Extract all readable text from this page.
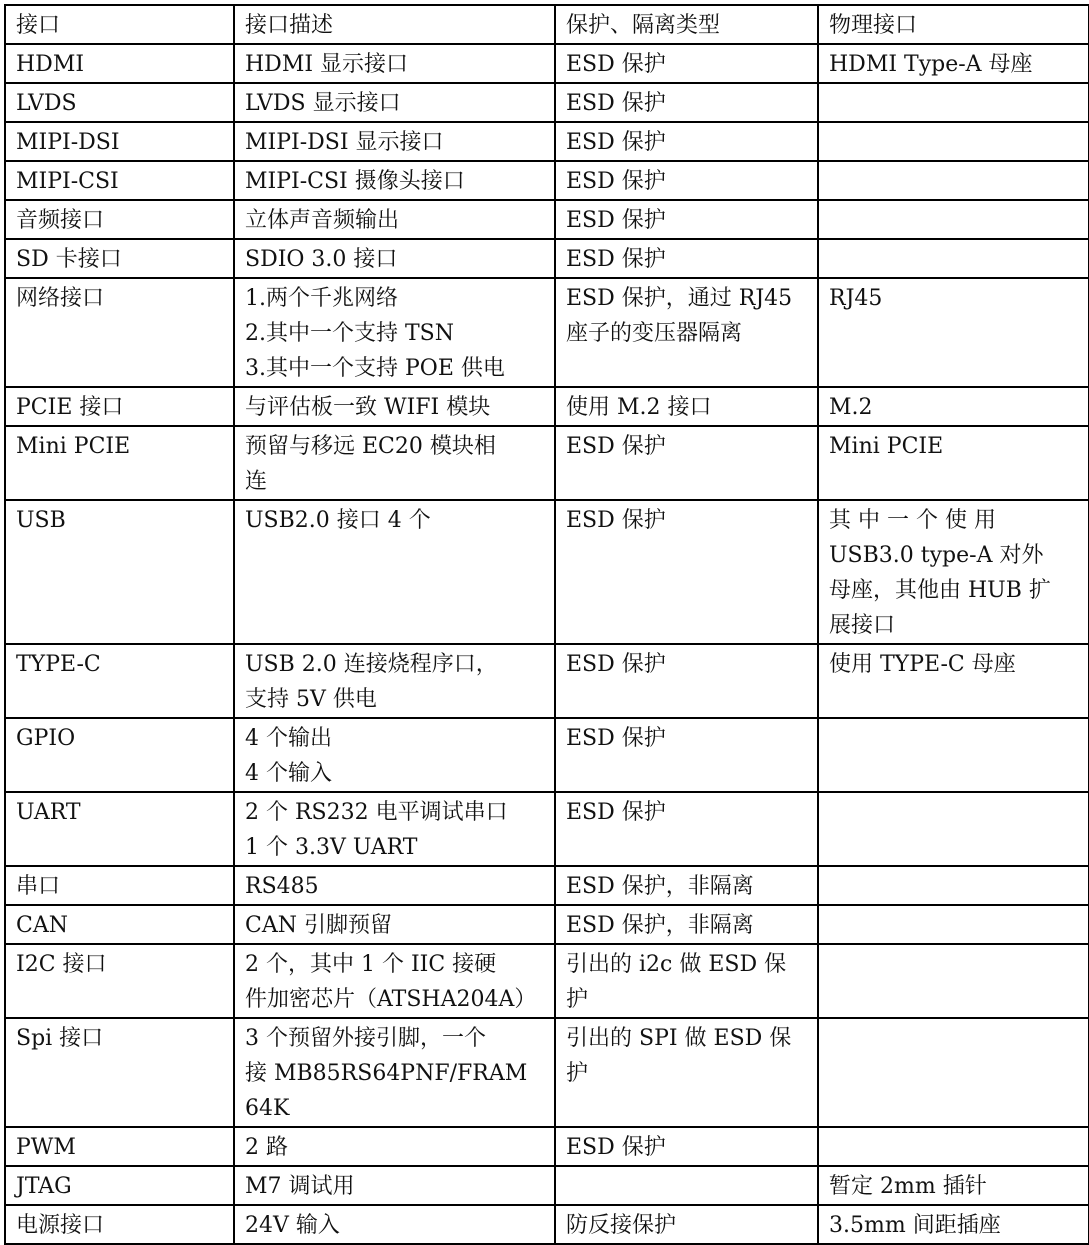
接口	接口描述	保护、隔离类型	物理接口

HDMI	HDMI 显示接口	ESD 保护	HDMI Type-A 母座

LVDS	LVDS 显示接口	ESD 保护	

MIPI-DSI	MIPI-DSI 显示接口	ESD 保护	

MIPI-CSI	MIPI-CSI 摄像头接口	ESD 保护	

音频接口	立体声音频输出	ESD 保护	

SD 卡接口	SDIO 3.0 接口	ESD 保护	

网络接口	1.两个千兆网络
2.其中一个支持 TSN
3.其中一个支持 POE 供电	ESD 保护，通过 RJ45
座子的变压器隔离	RJ45

PCIE 接口	与评估板一致 WIFI 模块	使用 M.2 接口	M.2

Mini PCIE	预留与移远 EC20 模块相
连	ESD 保护	Mini PCIE

USB	USB2.0 接口 4 个	ESD 保护	其 中 一 个 使 用
USB3.0 type-A 对外
母座，其他由 HUB 扩
展接口

TYPE-C	USB 2.0 连接烧程序口，
支持 5V 供电	ESD 保护	使用 TYPE-C 母座

GPIO	4 个输出
4 个输入	ESD 保护	

UART	2 个 RS232 电平调试串口
1 个 3.3V UART	ESD 保护	

串口	RS485	ESD 保护，非隔离	

CAN	CAN 引脚预留	ESD 保护，非隔离	

I2C 接口	2 个，其中 1 个 IIC 接硬
件加密芯片（ATSHA204A）	引出的 i2c 做 ESD 保
护	

Spi 接口	3 个预留外接引脚，一个
接 MB85RS64PNF/FRAM 64K	引出的 SPI 做 ESD 保
护	

PWM	2 路	ESD 保护	

JTAG	M7 调试用		暂定 2mm 插针

电源接口	24V 输入	防反接保护	3.5mm 间距插座
